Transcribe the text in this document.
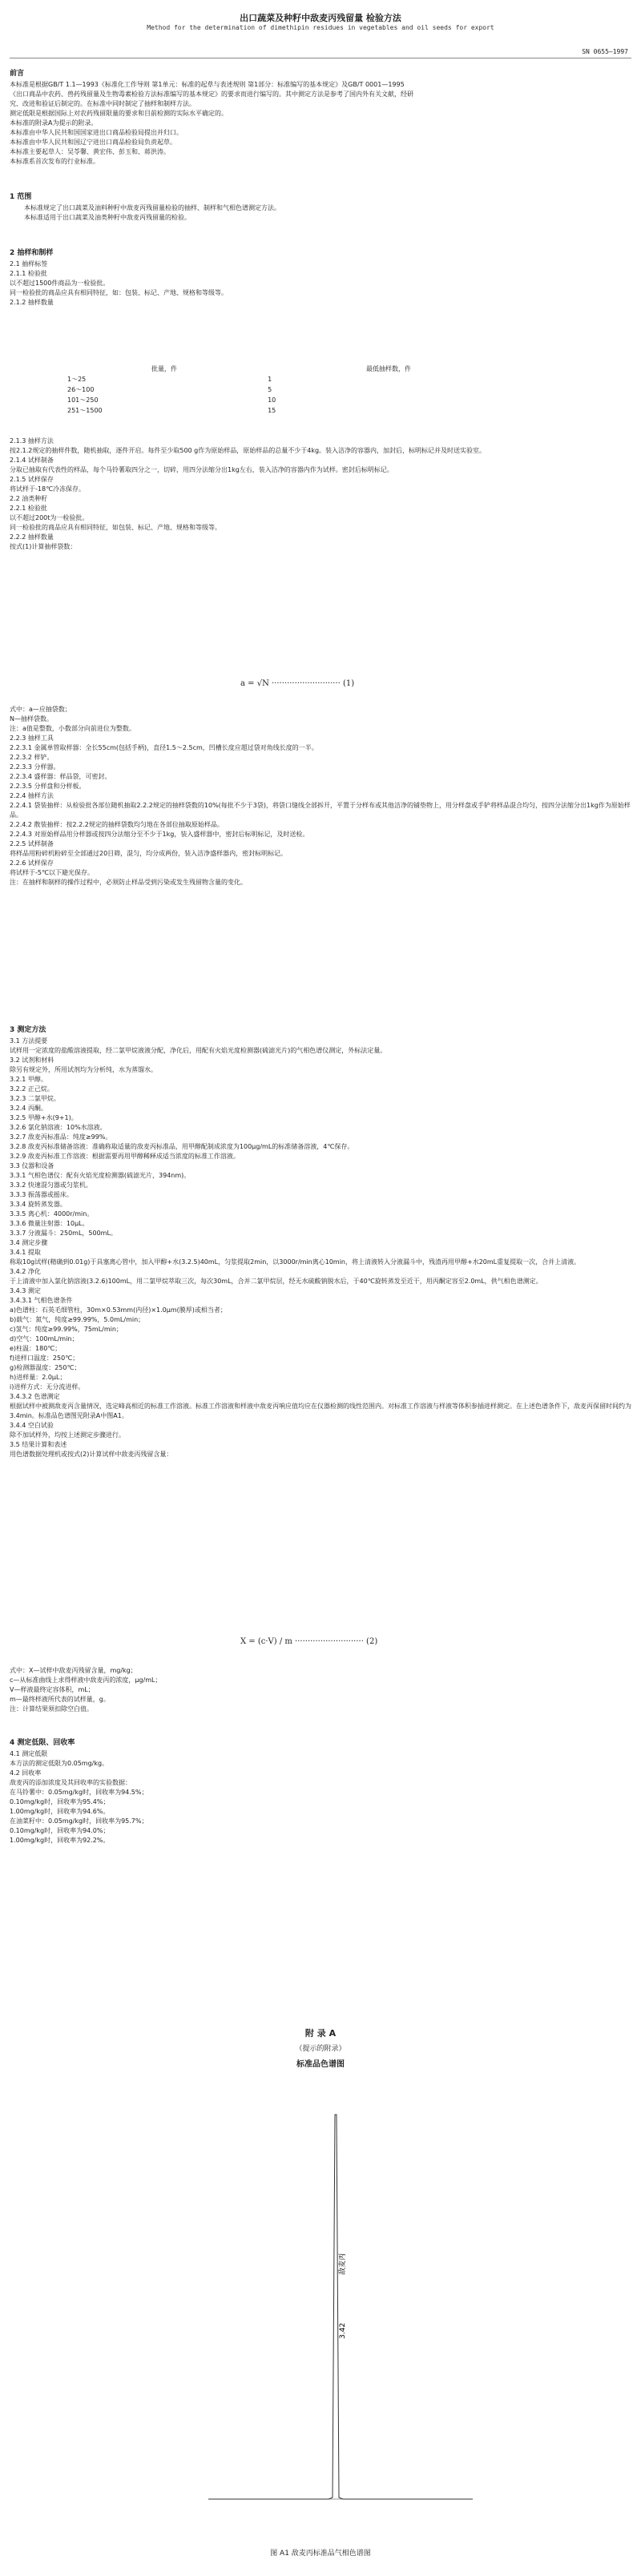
出口蔬菜及种籽中敌麦丙残留量 检验方法
Method for the determination of dimethipin residues in vegetables and oil seeds for export
SN 0655—1997
前言

本标准是根据GB/T 1.1—1993《标准化工作导则 第1单元：标准的起草与表述规则 第1部分：标准编写的基本规定》及GB/T 0001—1995

《出口商品中农药、兽药残留量及生物毒素检验方法标准编写的基本规定》的要求而进行编写的。其中测定方法是参考了国内外有关文献，经研

究、改进和验证后制定的。在标准中同时制定了抽样和制样方法。

测定低限是根据国际上对农药残留限量的要求和目前检测的实际水平确定的。

本标准的附录A为提示的附录。

本标准由中华人民共和国国家进出口商品检验局提出并归口。

本标准由中华人民共和国辽宁进出口商品检验局负责起草。

本标准主要起草人：吴苓馨、黄宏伟、彭玉和、蒋洪涛。

本标准系首次发布的行业标准。

1 范围

本标准规定了出口蔬菜及油料种籽中敌麦丙残留量检验的抽样、制样和气相色谱测定方法。

本标准适用于出口蔬菜及油类种籽中敌麦丙残留量的检验。

2 抽样和制样

2.1 抽样标签

2.1.1 检验批

以不超过1500件商品为一检验批。

同一检验批的商品应具有相同特征，如：包装、标记、产地、规格和等级等。

2.1.2 抽样数量

批量，件	最低抽样数，件
1～25	1
26～100	5
101～250	10
251～1500	15

2.1.3 抽样方法

按2.1.2规定的抽样件数，随机抽取，逐件开启。每件至少取500 g作为原始样品，原始样品的总量不少于4kg。装入洁净的容器内，加封后，标明标记并及时送实验室。

2.1.4 试样制备

分取已抽取有代表性的样品，每个马铃薯取四分之一，切碎，用四分法缩分出1kg左右，装入洁净的容器内作为试样。密封后标明标记。

2.1.5 试样保存

将试样于-18℃冷冻保存。

2.2 油类种籽

2.2.1 检验批

以不超过200t为一检验批。

同一检验批的商品应具有相同特征，如包装、标记、产地、规格和等级等。

2.2.2 抽样数量

按式(1)计算抽样袋数：

a = √N ··························· (1)

式中：a—应抽袋数；

N—抽样袋数。

注：a值是整数，小数部分向前进位为整数。

2.2.3 抽样工具

2.2.3.1 金属单管取样器：全长55cm(包括手柄)，直径1.5～2.5cm，凹槽长度应超过袋对角线长度的一半。

2.2.3.2 样铲。

2.2.3.3 分样器。

2.2.3.4 盛样器：样品袋，可密封。

2.2.3.5 分样盘和分样板。

2.2.4 抽样方法

2.2.4.1 袋装抽样：从检验批各部位随机抽取2.2.2规定的抽样袋数的10%(每批不少于3袋)，将袋口缝线全部拆开，平置于分样布或其他洁净的铺垫物上，用分样盘或手铲将样品混合均匀，按四分法缩分出1kg作为原始样品。

2.2.4.2 散装抽样：按2.2.2规定的抽样袋数均匀地在各部位抽取原始样品。

2.2.4.3 对原始样品用分样器或按四分法缩分至不少于1kg，装入盛样器中，密封后标明标记，及时送检。

2.2.5 试样制备

将样品用粉碎机粉碎至全部通过20目筛，混匀，均分成两份，装入洁净盛样器内，密封标明标记。

2.2.6 试样保存

将试样于-5℃以下避光保存。

注：在抽样和制样的操作过程中，必须防止样品受到污染或发生残留物含量的变化。

3 测定方法

3.1 方法提要

试样用一定浓度的盐酸溶液提取，经二氯甲烷液液分配，净化后，用配有火焰光度检测器(硫滤光片)的气相色谱仪测定，外标法定量。

3.2 试剂和材料

除另有规定外，所用试剂均为分析纯，水为蒸馏水。

3.2.1 甲醇。

3.2.2 正己烷。

3.2.3 二氯甲烷。

3.2.4 丙酮。

3.2.5 甲醇+水(9+1)。

3.2.6 氯化钠溶液：10%水溶液。

3.2.7 敌麦丙标准品：纯度≥99%。

3.2.8 敌麦丙标准储备溶液：准确称取适量的敌麦丙标准品，用甲醇配制成浓度为100μg/mL的标准储备溶液，4℃保存。

3.2.9 敌麦丙标准工作溶液：根据需要再用甲醇稀释成适当浓度的标准工作溶液。

3.3 仪器和设备

3.3.1 气相色谱仪：配有火焰光度检测器(硫滤光片，394nm)。

3.3.2 快速混匀器或匀浆机。

3.3.3 振荡器或摇床。

3.3.4 旋转蒸发器。

3.3.5 离心机：4000r/min。

3.3.6 微量注射器：10μL。

3.3.7 分液漏斗：250mL，500mL。

3.4 测定步骤

3.4.1 提取

称取10g试样(精确到0.01g)于具塞离心管中，加入甲醇+水(3.2.5)40mL，匀浆提取2min，以3000r/min离心10min，将上清液转入分液漏斗中，残渣再用甲醇+水20mL重复提取一次，合并上清液。

3.4.2 净化

于上清液中加入氯化钠溶液(3.2.6)100mL，用二氯甲烷萃取三次，每次30mL，合并二氯甲烷层，经无水硫酸钠脱水后，于40℃旋转蒸发至近干，用丙酮定容至2.0mL，供气相色谱测定。

3.4.3 测定

3.4.3.1 气相色谱条件

a)色谱柱：石英毛细管柱，30m×0.53mm(内径)×1.0μm(膜厚)或相当者；

b)载气：氮气，纯度≥99.99%，5.0mL/min；

c)氢气：纯度≥99.99%，75mL/min；

d)空气：100mL/min；

e)柱温：180℃；

f)进样口温度：250℃；

g)检测器温度：250℃；

h)进样量：2.0μL；

i)进样方式：无分流进样。

3.4.3.2 色谱测定

根据试样中被测敌麦丙含量情况，选定峰高相近的标准工作溶液。标准工作溶液和样液中敌麦丙响应值均应在仪器检测的线性范围内。对标准工作溶液与样液等体积参插进样测定。在上述色谱条件下，敌麦丙保留时间约为3.4min。标准品色谱图见附录A中图A1。

3.4.4 空白试验

除不加试样外，均按上述测定步骤进行。

3.5 结果计算和表述

用色谱数据处理机或按式(2)计算试样中敌麦丙残留含量：

X = (c·V) / m ··························· (2)

式中：X—试样中敌麦丙残留含量，mg/kg；

c—从标准曲线上求得样液中敌麦丙的浓度，μg/mL；

V—样液最终定容体积，mL；

m—最终样液所代表的试样量，g。

注：计算结果须扣除空白值。

4 测定低限、回收率

4.1 测定低限

本方法的测定低限为0.05mg/kg。

4.2 回收率

敌麦丙的添加浓度及其回收率的实验数据：

在马铃薯中：0.05mg/kg时，回收率为94.5%；

0.10mg/kg时，回收率为95.4%；

1.00mg/kg时，回收率为94.6%。

在油菜籽中：0.05mg/kg时，回收率为95.7%；

0.10mg/kg时，回收率为94.0%；

1.00mg/kg时，回收率为92.2%。

附 录 A
（提示的附录）
标准品色谱图
敌麦丙
3.42
图 A1 敌麦丙标准品气相色谱图
